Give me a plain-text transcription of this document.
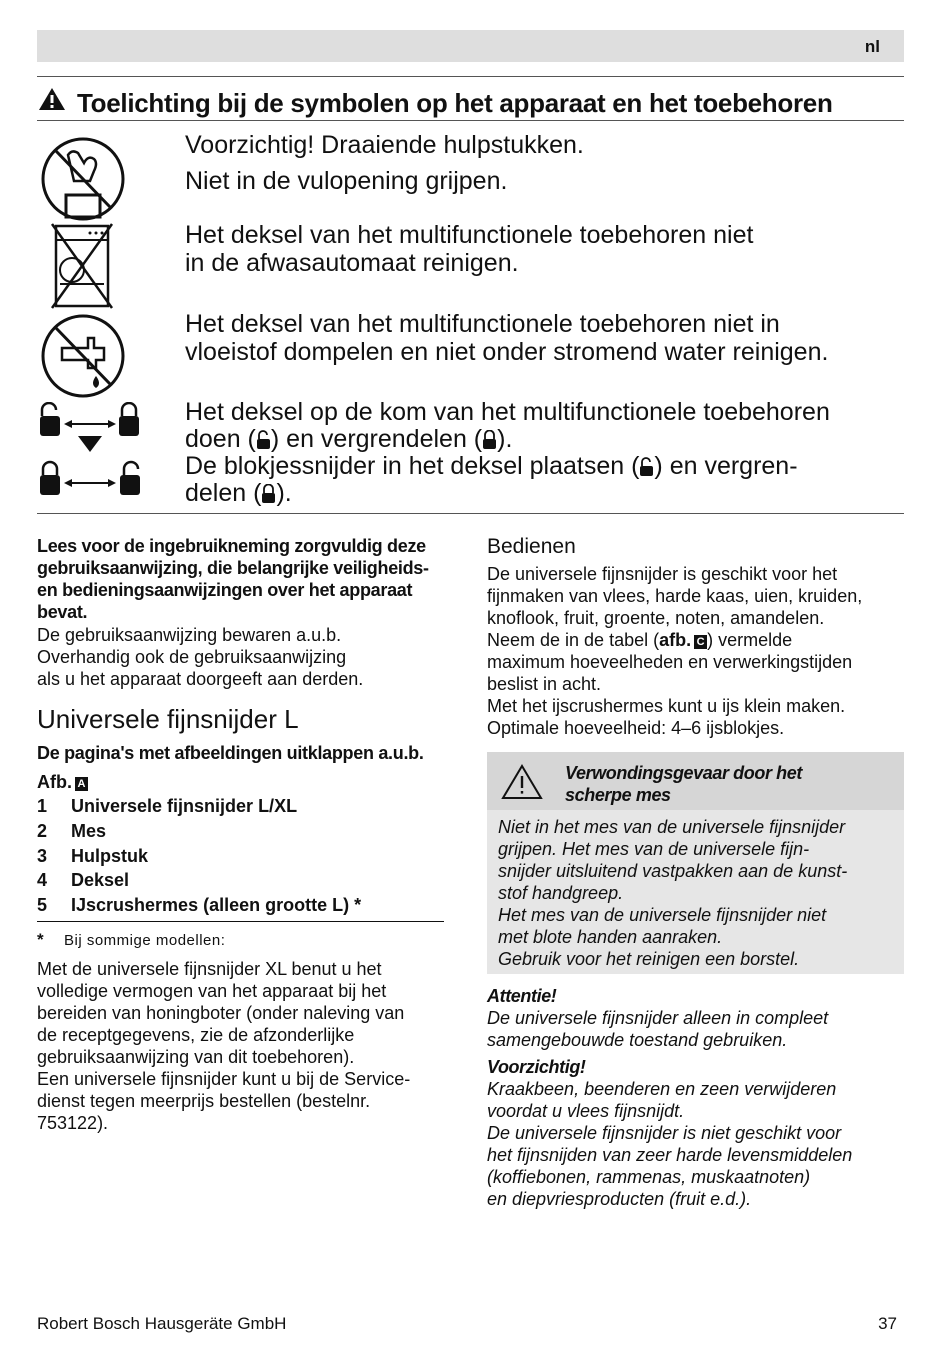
nl
Toelichting bij de symbolen op het apparaat en het toebehoren
Voorzichtig! Draaiende hulpstukken.
Niet in de vulopening grijpen.
Het deksel van het multifunctionele toebehoren niet
in de afwasautomaat reinigen.
Het deksel van het multifunctionele toebehoren niet in
vloeistof dompelen en niet onder stromend water reinigen.
Het deksel op de kom van het multifunctionele toebehoren
doen ( ) en vergrendelen ( ).
De blokjessnijder in het deksel plaatsen ( ) en vergren-
delen ( ).
Lees voor de ingebruikneming zorgvuldig deze
gebruiksaanwijzing, die belangrijke veiligheids-
en bedieningsaanwijzingen over het apparaat
bevat.
De gebruiksaanwijzing bewaren a.u.b.
Overhandig ook de gebruiksaanwijzing
als u het apparaat doorgeeft aan derden.
Universele fijnsnijder L
De pagina's met afbeeldingen uitklappen a.u.b.
Afb. A
1 Universele fijnsnijder L/XL
2 Mes
3 Hulpstuk
4 Deksel
5 IJscrushermes (alleen grootte L) *
* Bij sommige modellen:
Met de universele fijnsnijder XL benut u het
volledige vermogen van het apparaat bij het
bereiden van honingboter (onder naleving van
de receptgegevens, zie de afzonderlijke
gebruiksaanwijzing van dit toebehoren).
Een universele fijnsnijder kunt u bij de Service-
dienst tegen meerprijs bestellen (bestelnr.
753122).
Bedienen
De universele fijnsnijder is geschikt voor het
fijnmaken van vlees, harde kaas, uien, kruiden,
knoflook, fruit, groente, noten, amandelen.
Neem de in de tabel (afb. C ) vermelde
maximum hoeveelheden en verwerkingstijden
beslist in acht.
Met het ijscrushermes kunt u ijs klein maken.
Optimale hoeveelheid: 4–6 ijsblokjes.
Verwondingsgevaar door het
scherpe mes
Niet in het mes van de universele fijnsnijder
grijpen. Het mes van de universele fijn-
snijder uitsluitend vastpakken aan de kunst-
stof handgreep.
Het mes van de universele fijnsnijder niet
met blote handen aanraken.
Gebruik voor het reinigen een borstel.
Attentie!
De universele fijnsnijder alleen in compleet
samengebouwde toestand gebruiken.
Voorzichtig!
Kraakbeen, beenderen en zeen verwijderen
voordat u vlees fijnsnijdt.
De universele fijnsnijder is niet geschikt voor
het fijnsnijden van zeer harde levensmiddelen
(koffiebonen, rammenas, muskaatnoten)
en diepvriesproducten (fruit e.d.).
Robert Bosch Hausgeräte GmbH	37
